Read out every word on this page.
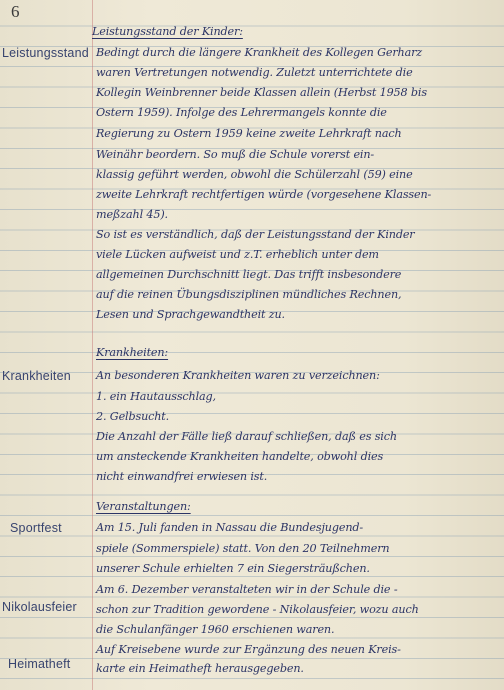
6
Leistungsstand
Krankheiten
Sportfest
Nikolausfeier
Heimatheft
Leistungsstand der Kinder:
Bedingt durch die längere Krankheit des Kollegen Gerharz
waren Vertretungen notwendig. Zuletzt unterrichtete die
Kollegin Weinbrenner beide Klassen allein (Herbst 1958 bis
Ostern 1959). Infolge des Lehrermangels konnte die
Regierung zu Ostern 1959 keine zweite Lehrkraft nach
Weinähr beordern. So muß die Schule vorerst ein-
klassig geführt werden, obwohl die Schülerzahl (59) eine
zweite Lehrkraft rechtfertigen würde (vorgesehene Klassen-
meßzahl 45).
So ist es verständlich, daß der Leistungsstand der Kinder
viele Lücken aufweist und z.T. erheblich unter dem
allgemeinen Durchschnitt liegt. Das trifft insbesondere
auf die reinen Übungsdisziplinen mündliches Rechnen,
Lesen und Sprachgewandtheit zu.
Krankheiten:
An besonderen Krankheiten waren zu verzeichnen:
1. ein Hautausschlag,
2. Gelbsucht.
Die Anzahl der Fälle ließ darauf schließen, daß es sich
um ansteckende Krankheiten handelte, obwohl dies
nicht einwandfrei erwiesen ist.
Veranstaltungen:
Am 15. Juli fanden in Nassau die Bundesjugend-
spiele (Sommerspiele) statt. Von den 20 Teilnehmern
unserer Schule erhielten 7 ein Siegersträußchen.
Am 6. Dezember veranstalteten wir in der Schule die -
schon zur Tradition gewordene - Nikolausfeier, wozu auch
die Schulanfänger 1960 erschienen waren.
Auf Kreisebene wurde zur Ergänzung des neuen Kreis-
karte ein Heimatheft herausgegeben.
